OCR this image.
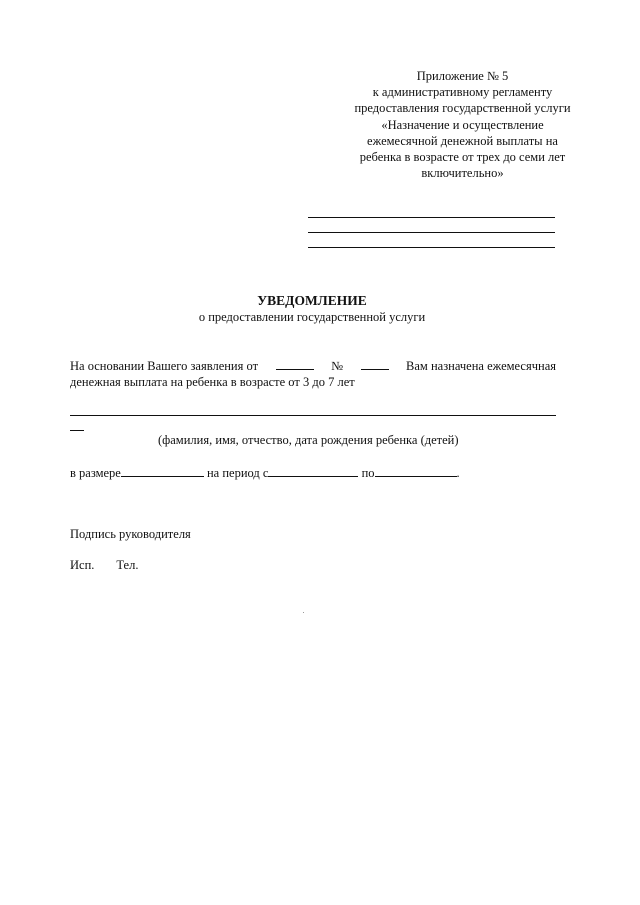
Приложение № 5
к административному регламенту
предоставления государственной услуги
«Назначение и осуществление
ежемесячной денежной выплаты на
ребенка в возрасте от трех до семи лет
включительно»
УВЕДОМЛЕНИЕ
о предоставлении государственной услуги
На основании Вашего заявления от	№	Вам назначена ежемесячная
денежная выплата на ребенка в возрасте от 3 до 7 лет
(фамилия, имя, отчество, дата рождения ребенка (детей)
в размере	на период с	по	.
Подпись руководителя
Исп. Тел.
